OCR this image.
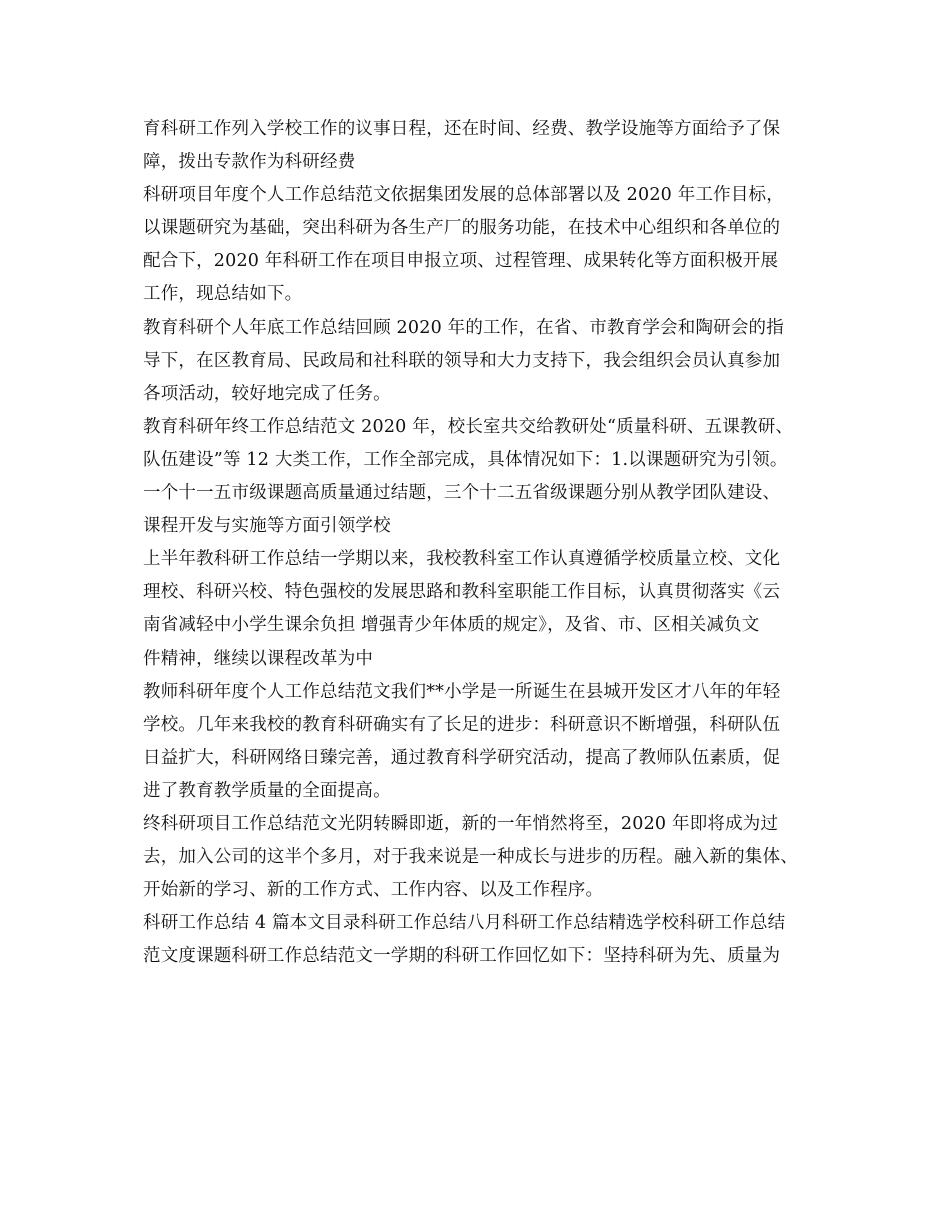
育科研工作列入学校工作的议事日程，还在时间、经费、教学设施等方面给予了保
障，拨出专款作为科研经费
科研项目年度个人工作总结范文依据集团发展的总体部署以及 2020 年工作目标，
以课题研究为基础，突出科研为各生产厂的服务功能，在技术中心组织和各单位的
配合下，2020 年科研工作在项目申报立项、过程管理、成果转化等方面积极开展
工作，现总结如下。
教育科研个人年底工作总结回顾 2020 年的工作，在省、市教育学会和陶研会的指
导下，在区教育局、民政局和社科联的领导和大力支持下，我会组织会员认真参加
各项活动，较好地完成了任务。
教育科研年终工作总结范文 2020 年，校长室共交给教研处“质量科研、五课教研、
队伍建设”等 12 大类工作，工作全部完成，具体情况如下：1.以课题研究为引领。
一个十一五市级课题高质量通过结题，三个十二五省级课题分别从教学团队建设、
课程开发与实施等方面引领学校
上半年教科研工作总结一学期以来，我校教科室工作认真遵循学校质量立校、文化
理校、科研兴校、特色强校的发展思路和教科室职能工作目标，认真贯彻落实《云
南省减轻中小学生课余负担 增强青少年体质的规定》，及省、市、区相关减负文
件精神，继续以课程改革为中
教师科研年度个人工作总结范文我们**小学是一所诞生在县城开发区才八年的年轻
学校。几年来我校的教育科研确实有了长足的进步：科研意识不断增强，科研队伍
日益扩大，科研网络日臻完善，通过教育科学研究活动，提高了教师队伍素质，促
进了教育教学质量的全面提高。
终科研项目工作总结范文光阴转瞬即逝，新的一年悄然将至，2020 年即将成为过
去，加入公司的这半个多月，对于我来说是一种成长与进步的历程。融入新的集体、
开始新的学习、新的工作方式、工作内容、以及工作程序。
科研工作总结 4 篇本文目录科研工作总结八月科研工作总结精选学校科研工作总结
范文度课题科研工作总结范文一学期的科研工作回忆如下：坚持科研为先、质量为
